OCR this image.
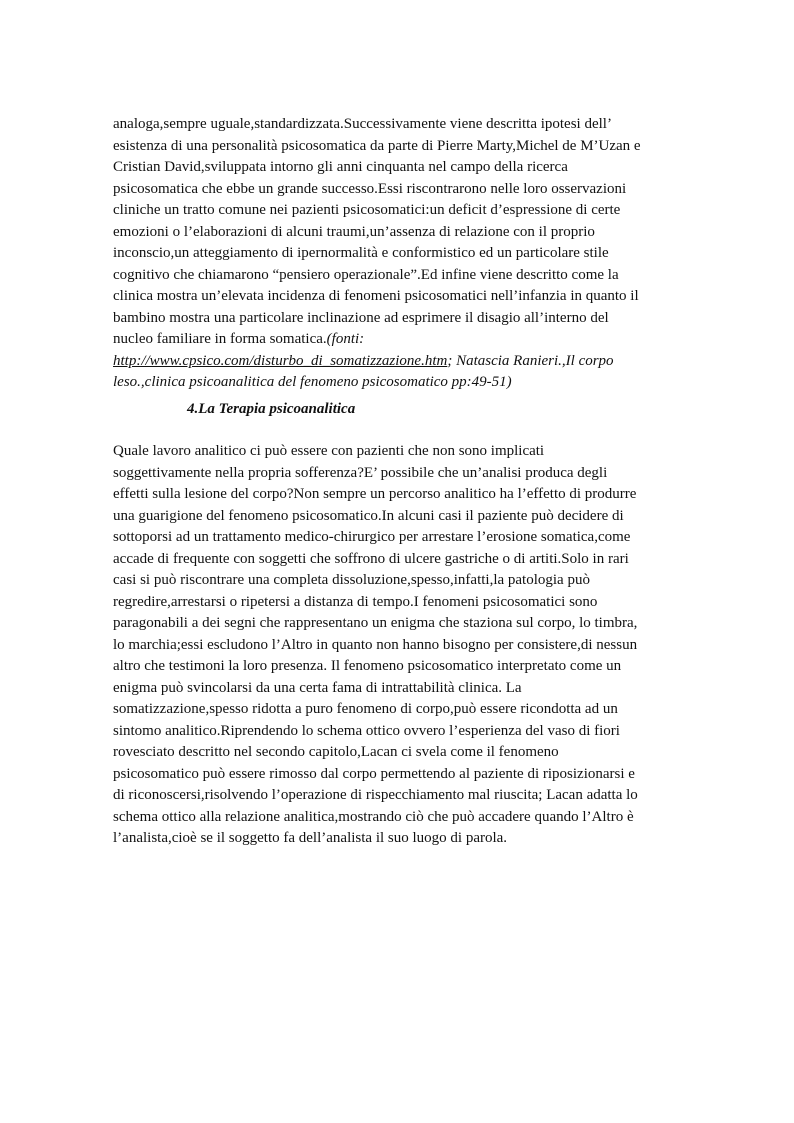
analoga,sempre uguale,standardizzata.Successivamente viene descritta ipotesi dell’
esistenza di una personalità psicosomatica da parte di Pierre Marty,Michel de M’Uzan e
Cristian David,sviluppata intorno gli anni cinquanta nel campo della ricerca
psicosomatica che ebbe un grande successo.Essi riscontrarono nelle loro osservazioni
cliniche un tratto comune nei pazienti psicosomatici:un deficit d’espressione di certe
emozioni o l’elaborazioni di alcuni traumi,un’assenza di relazione con il proprio
inconscio,un atteggiamento di ipernormalità e conformistico ed un particolare stile
cognitivo che chiamarono “pensiero operazionale”.Ed infine viene descritto come la
clinica mostra un’elevata incidenza di fenomeni psicosomatici nell’infanzia in quanto il
bambino mostra una particolare inclinazione ad esprimere il disagio all’interno del
nucleo familiare in forma somatica.(fonti:
http://www.cpsico.com/disturbo_di_somatizzazione.htm; Natascia Ranieri.,Il corpo
leso.,clinica psicoanalitica del fenomeno psicosomatico pp:49-51)
4.La Terapia psicoanalitica
Quale lavoro analitico ci può essere con pazienti che non sono implicati
soggettivamente nella propria sofferenza?E’ possibile che un’analisi produca degli
effetti sulla lesione del corpo?Non sempre un percorso analitico ha l’effetto di produrre
una guarigione del fenomeno psicosomatico.In alcuni casi il paziente può decidere di
sottoporsi ad un trattamento medico-chirurgico per arrestare l’erosione somatica,come
accade di frequente con soggetti che soffrono di ulcere gastriche o di artiti.Solo in rari
casi si può riscontrare una completa dissoluzione,spesso,infatti,la patologia può
regredire,arrestarsi o ripetersi a distanza di tempo.I fenomeni psicosomatici sono
paragonabili a dei segni che rappresentano un enigma che staziona sul corpo, lo timbra,
lo marchia;essi escludono l’Altro in quanto non hanno bisogno per consistere,di nessun
altro che testimoni la loro presenza. Il fenomeno psicosomatico interpretato come un
enigma può svincolarsi da una certa fama di intrattabilità clinica. La
somatizzazione,spesso ridotta a puro fenomeno di corpo,può essere ricondotta ad un
sintomo analitico.Riprendendo lo schema ottico ovvero l’esperienza del vaso di fiori
rovesciato descritto nel secondo capitolo,Lacan ci svela come il fenomeno
psicosomatico può essere rimosso dal corpo permettendo al paziente di riposizionarsi e
di riconoscersi,risolvendo l’operazione di rispecchiamento mal riuscita; Lacan adatta lo
schema ottico alla relazione analitica,mostrando ciò che può accadere quando l’Altro è
l’analista,cioè se il soggetto fa dell’analista il suo luogo di parola.
